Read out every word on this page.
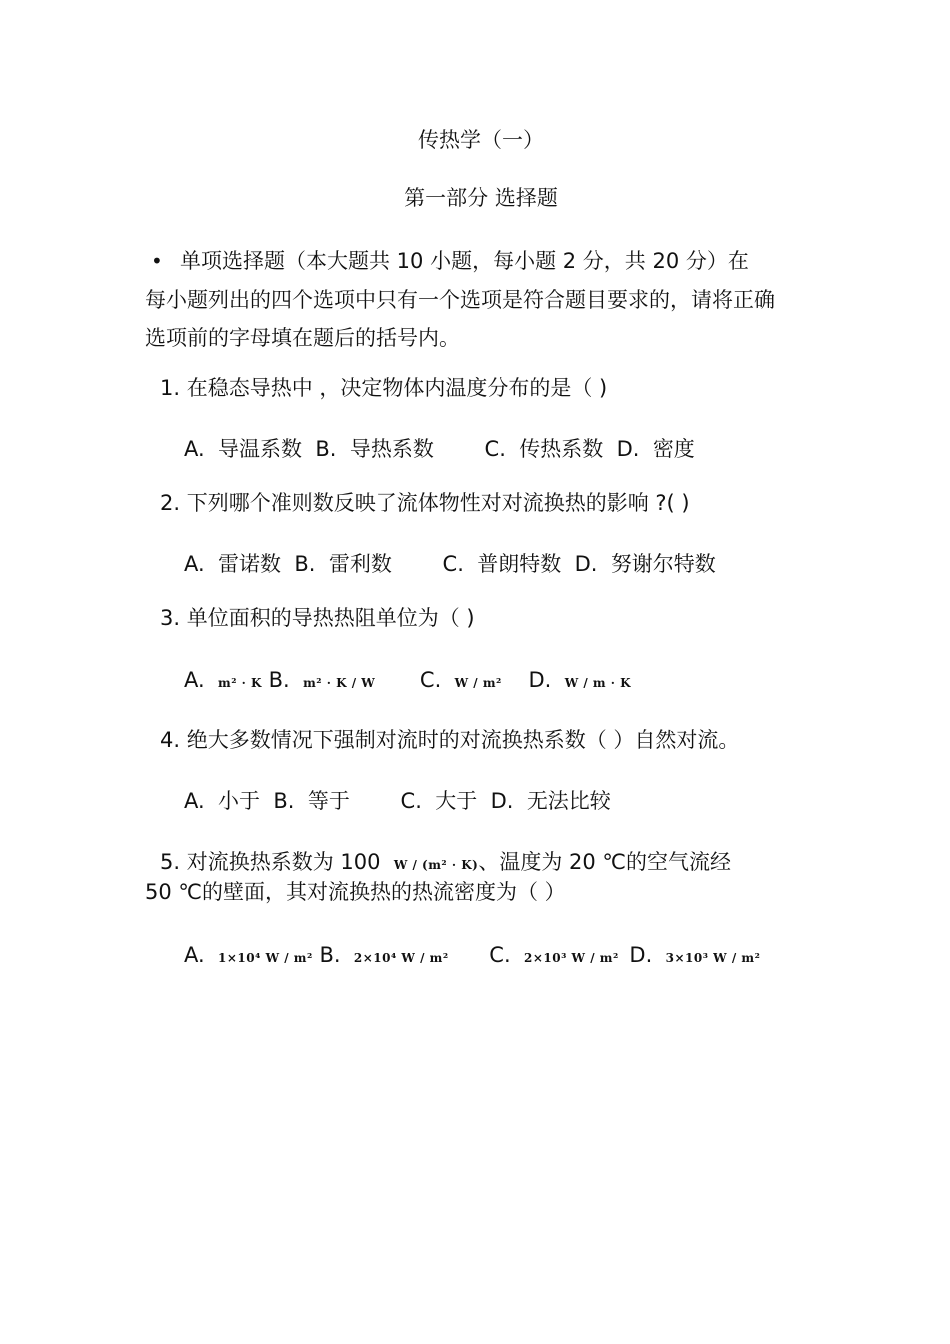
传热学（一）
第一部分 选择题
• 单项选择题（本大题共 10 小题，每小题 2 分，共 20 分）在
每小题列出的四个选项中只有一个选项是符合题目要求的，请将正确
选项前的字母填在题后的括号内。
1. 在稳态导热中 ，决定物体内温度分布的是（ )
A. 导温系数 B. 导热系数 C. 传热系数 D. 密度
2. 下列哪个准则数反映了流体物性对对流换热的影响 ?( )
A. 雷诺数 B. 雷利数 C. 普朗特数 D. 努谢尔特数
3. 单位面积的导热热阻单位为（ )
A. m² · K B. m² · K / W C. W / m² D. W / m · K
4. 绝大多数情况下强制对流时的对流换热系数（ ）自然对流。
A. 小于 B. 等于 C. 大于 D. 无法比较
5. 对流换热系数为 100 W / (m² · K)、温度为 20 ℃的空气流经
50 ℃的壁面，其对流换热的热流密度为（ ）
A. 1×10⁴ W / m² B. 2×10⁴ W / m² C. 2×10³ W / m² D. 3×10³ W / m²
